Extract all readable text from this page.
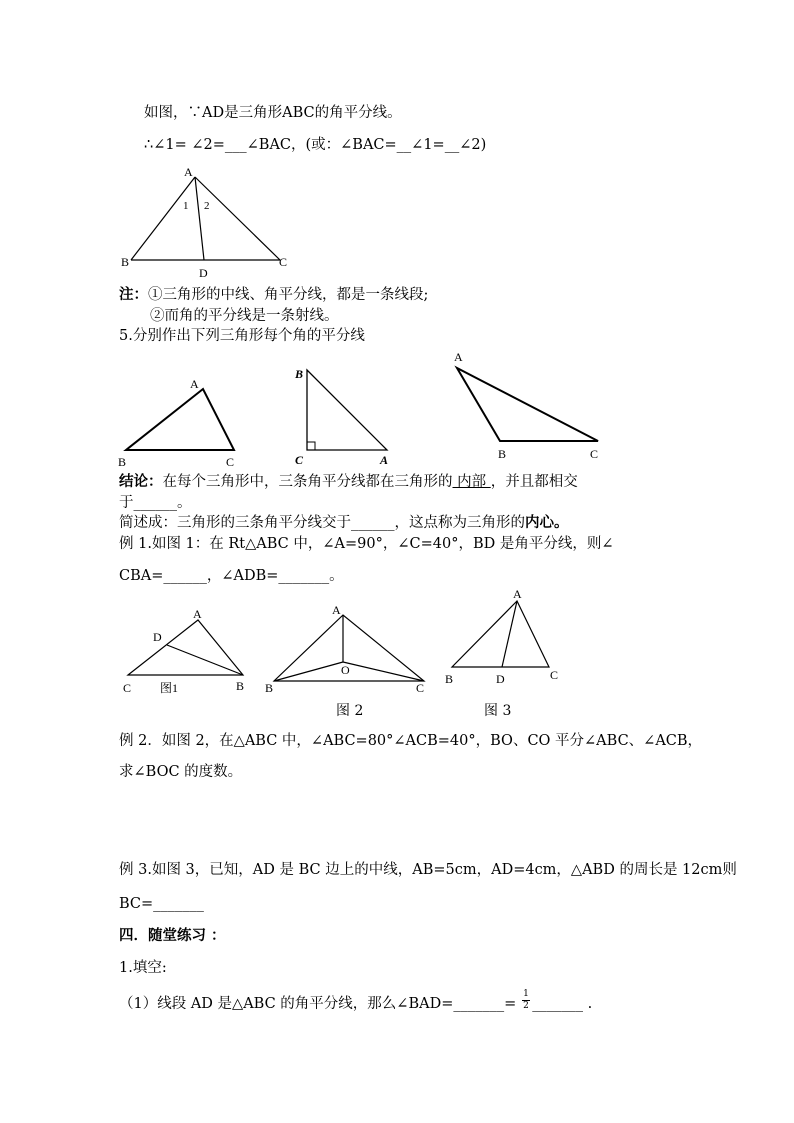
如图，∵AD是三角形ABC的角平分线。
∴∠1= ∠2=___∠BAC，(或：∠BAC=__∠1=__∠2)
A
B	C
D
1 2
注：①三角形的中线、角平分线，都是一条线段;
②而角的平分线是一条射线。
5.分别作出下列三角形每个角的平分线
A
B	C
B
C	A
A
B	C
结论：在每个三角形中，三条角平分线都在三角形的 内部 ，并且都相交
于______。
简述成：三角形的三条角平分线交于______，这点称为三角形的内心。
例 1.如图 1：在 Rt△ABC 中，∠A=90°，∠C=40°，BD 是角平分线，则∠
CBA=______，∠ADB=_______。
A
D
C 图1	B
A
O
B	C
图 2
A
B	D	C
图 3
例 2．如图 2，在△ABC 中，∠ABC=80°∠ACB=40°，BO、CO 平分∠ABC、∠ACB，
求∠BOC 的度数。
例 3.如图 3，已知，AD 是 BC 边上的中线，AB=5cm，AD=4cm，△ABD 的周长是 12cm则
BC=_______
四．随堂练习 ：
1.填空:
（1）线段 AD 是△ABC 的角平分线，那么∠BAD=_______= _______ .
1
2
